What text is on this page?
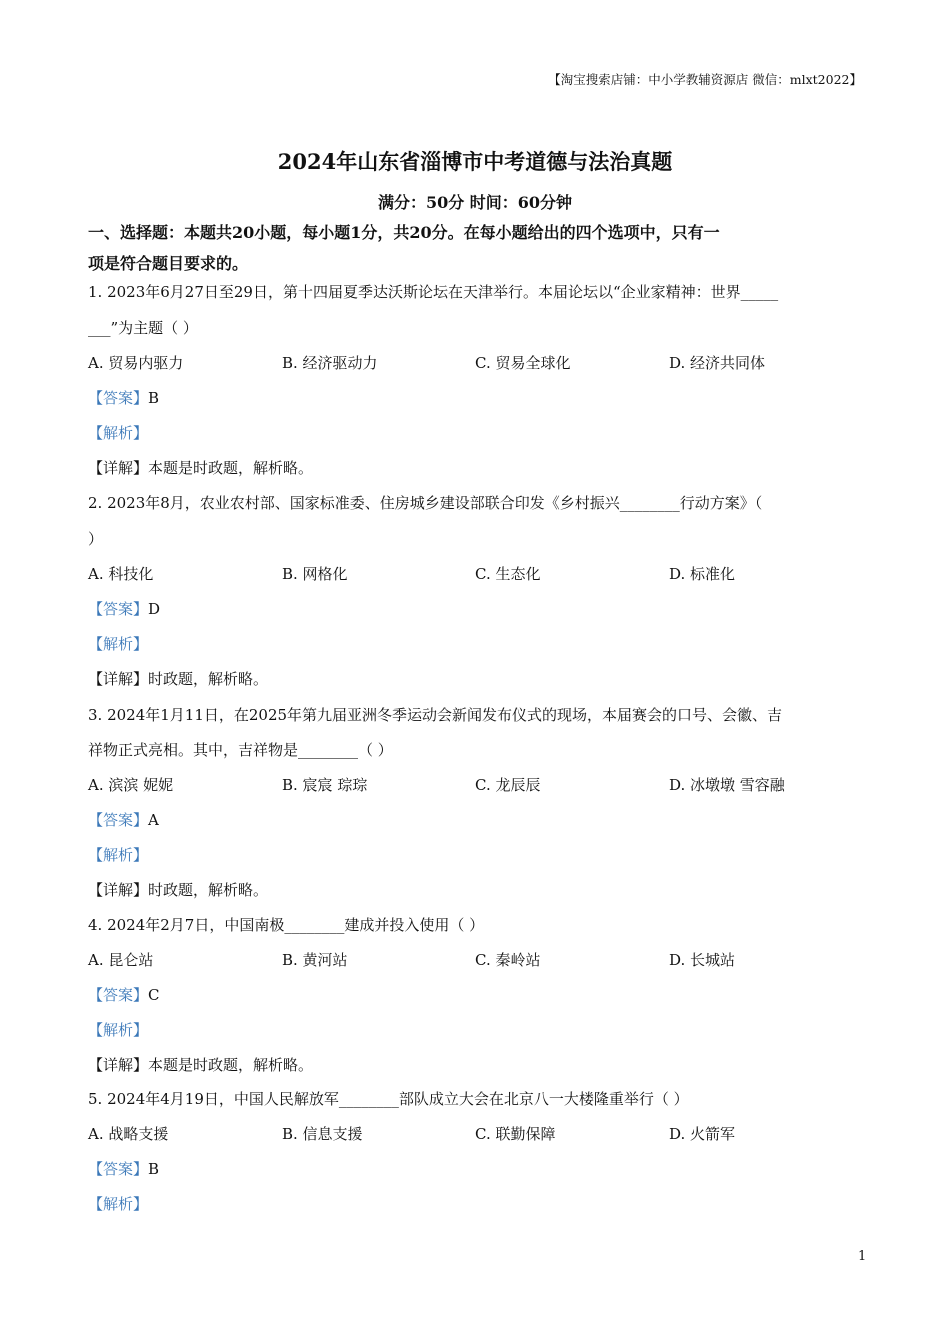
【淘宝搜索店铺：中小学教辅资源店 微信：mlxt2022】
2024年山东省淄博市中考道德与法治真题
满分：50分 时间：60分钟
一、选择题：本题共20小题，每小题1分，共20分。在每小题给出的四个选项中，只有一
项是符合题目要求的。
1. 2023年6月27日至29日，第十四届夏季达沃斯论坛在天津举行。本届论坛以“企业家精神：世界_____
___”为主题（ ）
A. 贸易内驱力	B. 经济驱动力	C. 贸易全球化	D. 经济共同体
【答案】B
【解析】
【详解】本题是时政题，解析略。
2. 2023年8月，农业农村部、国家标准委、住房城乡建设部联合印发《乡村振兴________行动方案》（
）
A. 科技化	B. 网格化	C. 生态化	D. 标准化
【答案】D
【解析】
【详解】时政题，解析略。
3. 2024年1月11日，在2025年第九届亚洲冬季运动会新闻发布仪式的现场，本届赛会的口号、会徽、吉
祥物正式亮相。其中，吉祥物是________（ ）
A. 滨滨 妮妮	B. 宸宸 琮琮	C. 龙辰辰	D. 冰墩墩 雪容融
【答案】A
【解析】
【详解】时政题，解析略。
4. 2024年2月7日，中国南极________建成并投入使用（ ）
A. 昆仑站	B. 黄河站	C. 秦岭站	D. 长城站
【答案】C
【解析】
【详解】本题是时政题，解析略。
5. 2024年4月19日，中国人民解放军________部队成立大会在北京八一大楼隆重举行（ ）
A. 战略支援	B. 信息支援	C. 联勤保障	D. 火箭军
【答案】B
【解析】
1
